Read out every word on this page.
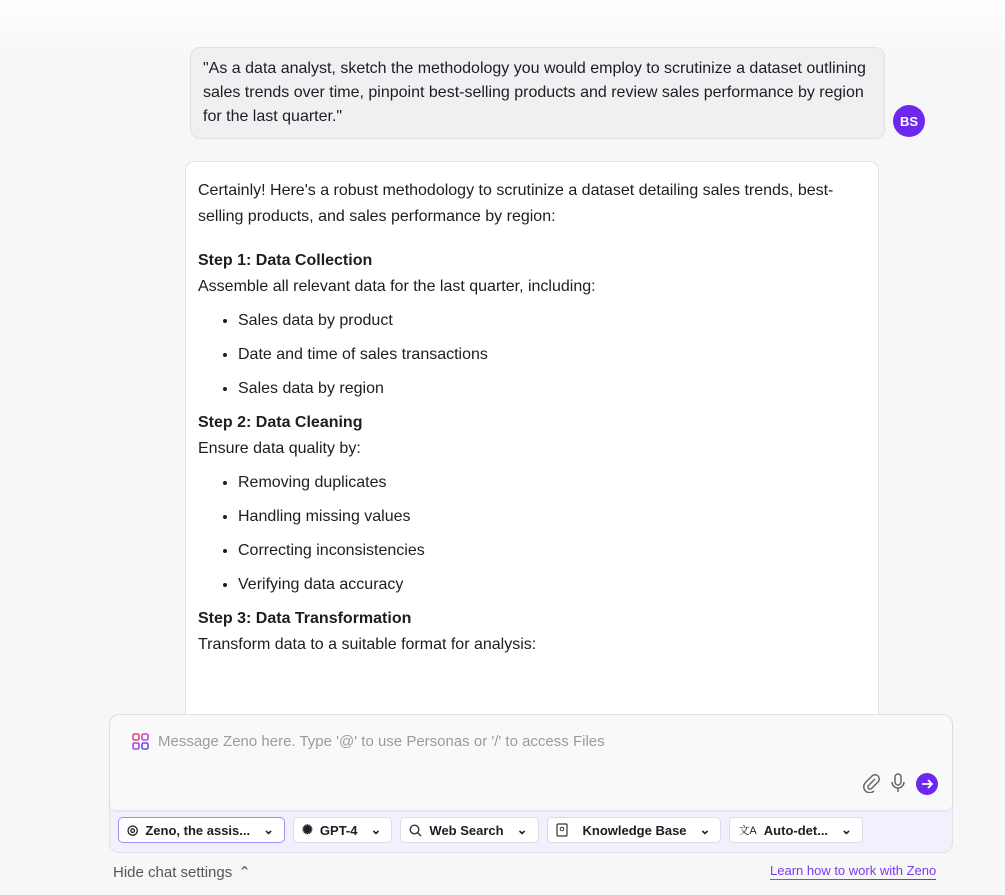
"As a data analyst, sketch the methodology you would employ to scrutinize a dataset outlining sales trends over time, pinpoint best-selling products and review sales performance by region for the last quarter."	BS

Certainly! Here's a robust methodology to scrutinize a dataset detailing sales trends, best-selling products, and sales performance by region:

Step 1: Data Collection
Assemble all relevant data for the last quarter, including:
• Sales data by product
• Date and time of sales transactions
• Sales data by region
Step 2: Data Cleaning
Ensure data quality by:
• Removing duplicates
• Handling missing values
• Correcting inconsistencies
• Verifying data accuracy
Step 3: Data Transformation
Transform data to a suitable format for analysis:
Message Zeno here. Type '@' to use Personas or '/' to access Files
◎ Zeno, the assis... ⌄ ✺ GPT-4 ⌄	Web Search ⌄	Knowledge Base ⌄	文A Auto-det... ⌄
Hide chat settings ⌃	Learn how to work with Zeno
